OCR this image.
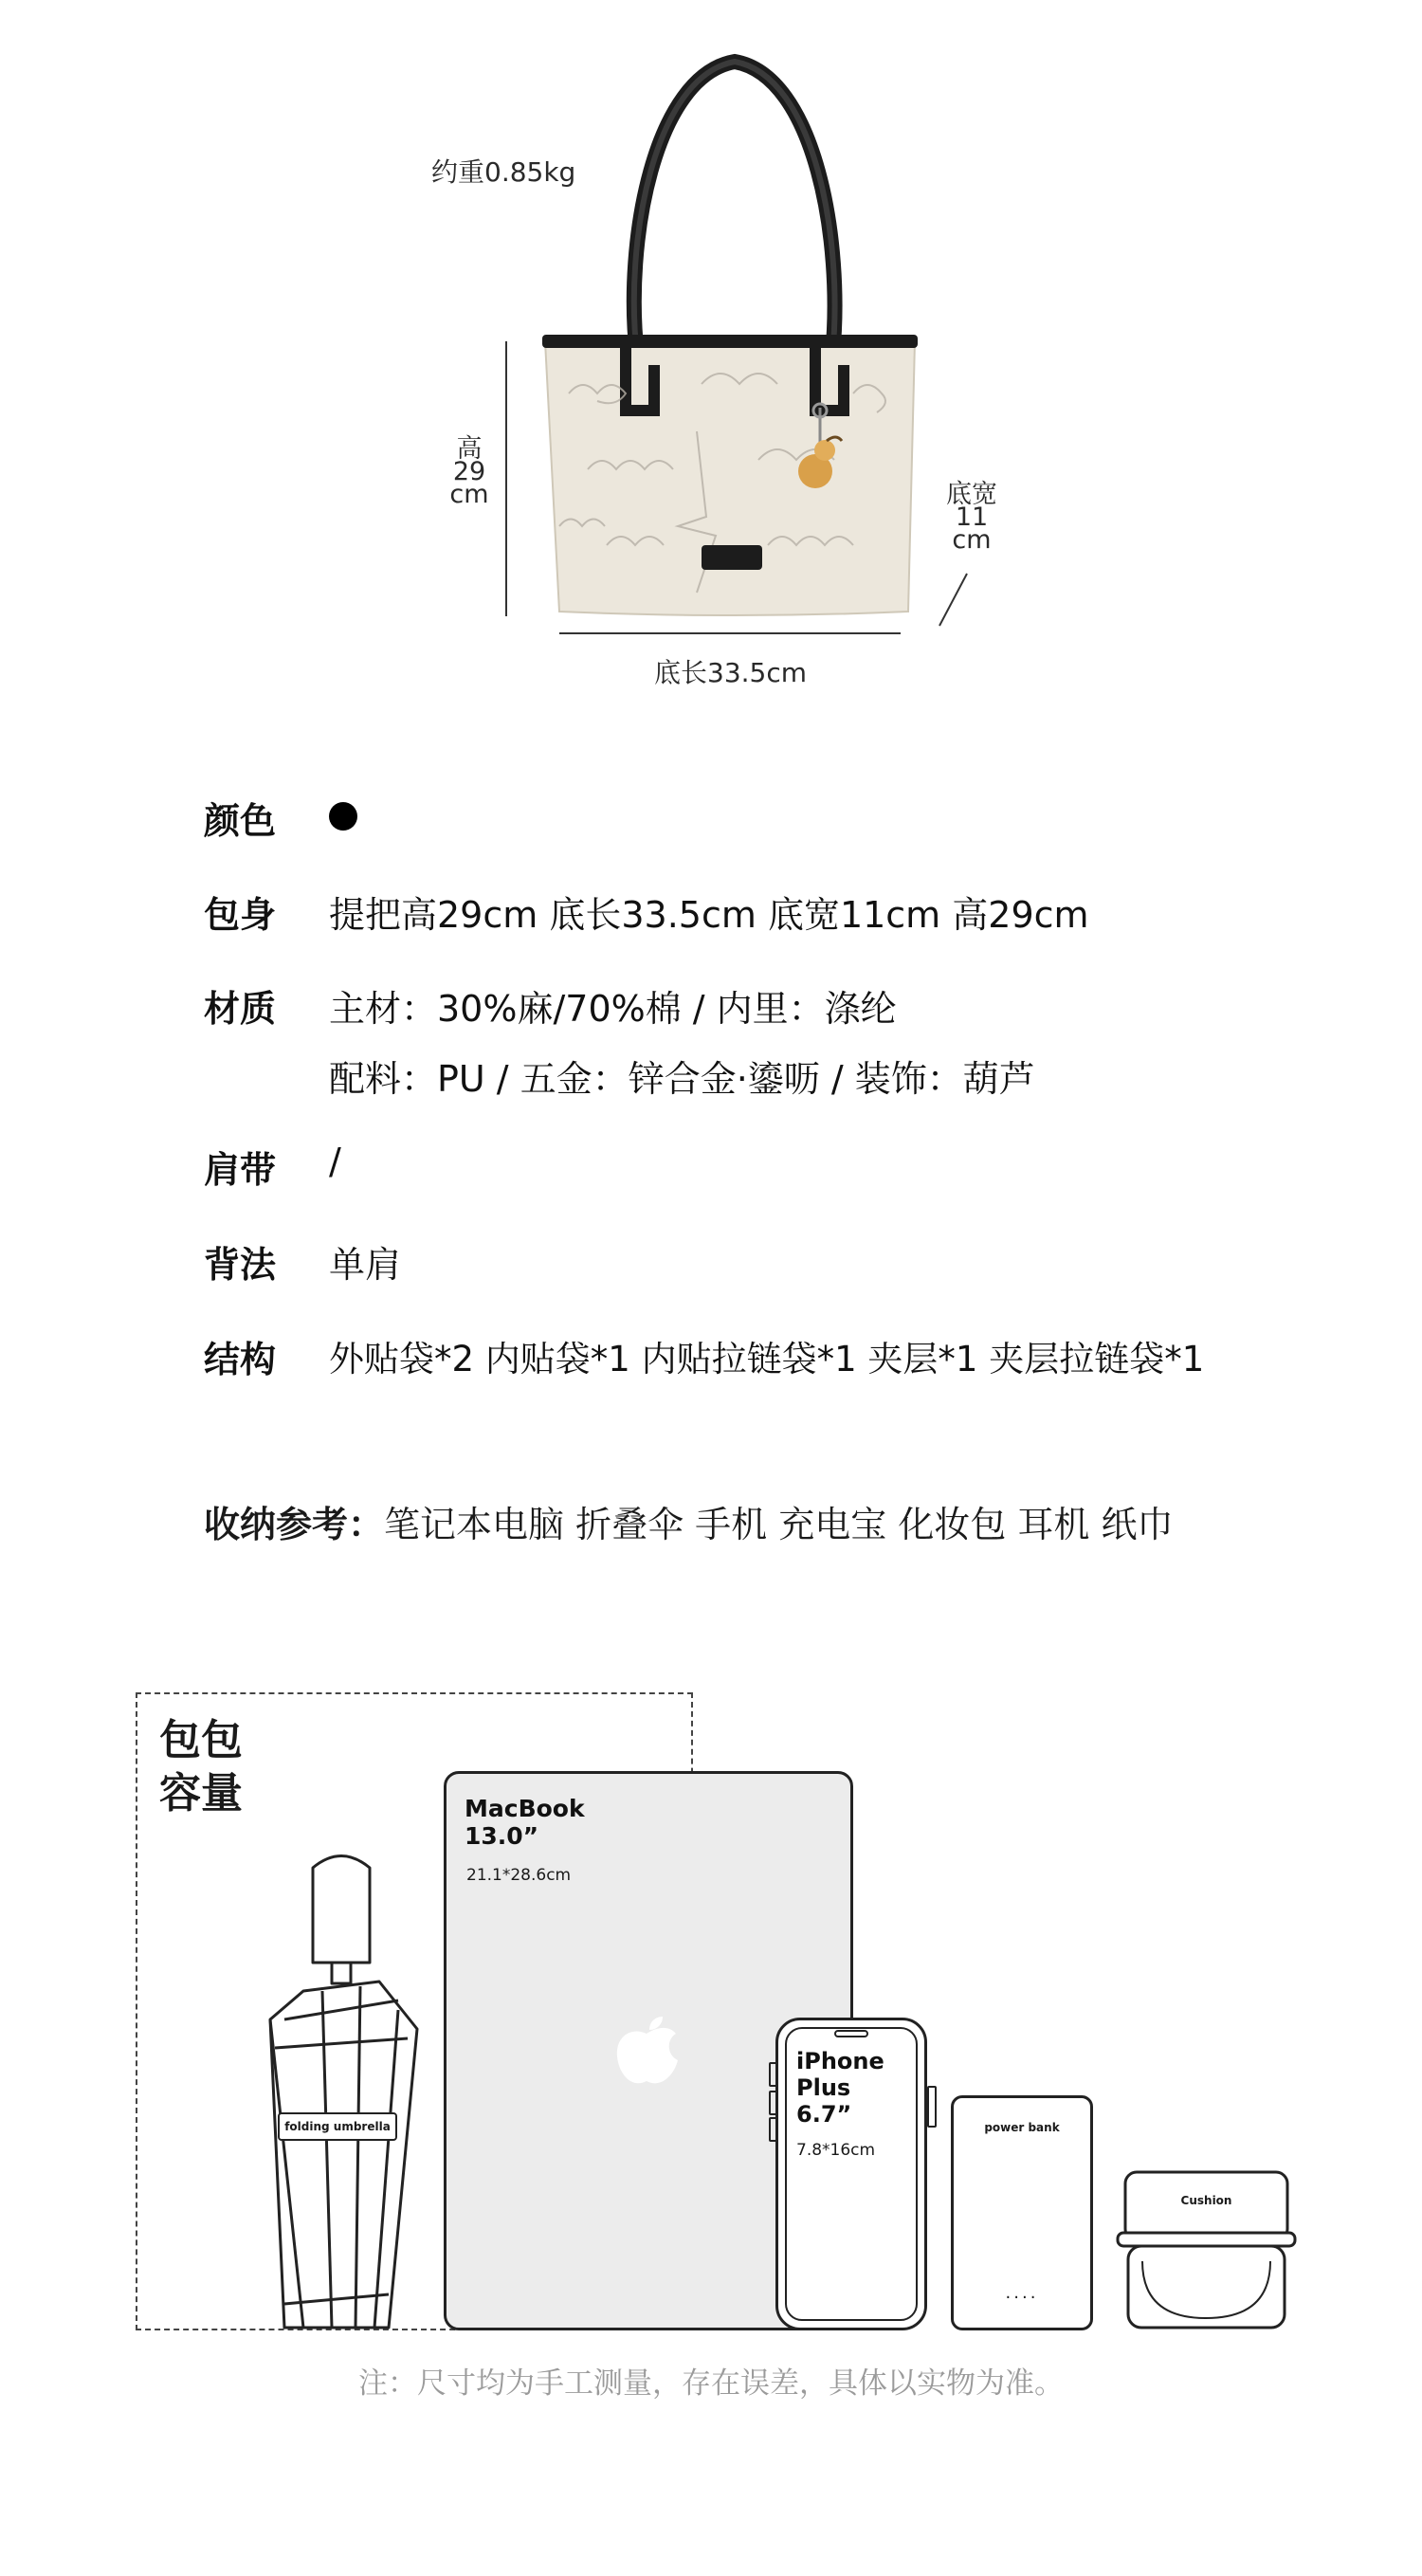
约重0.85kg
高
29
cm	底宽
11
cm
底长33.5cm
颜色
包身 提把高29cm 底长33.5cm 底宽11cm 高29cm
材质 主材：30%麻/70%棉 / 内里：涤纶
配料：PU / 五金：锌合金·鎏呖 / 装饰：葫芦
肩带 /
背法 单肩
结构 外贴袋*2 内贴袋*1 内贴拉链袋*1 夹层*1 夹层拉链袋*1
收纳参考：笔记本电脑 折叠伞 手机 充电宝 化妆包 耳机 纸巾
包包
容量
folding umbrella
MacBook
13.0”
21.1*28.6cm
iPhone
Plus
6.7”
7.8*16cm
power bank
....
Cushion
注：尺寸均为手工测量，存在误差，具体以实物为准。
